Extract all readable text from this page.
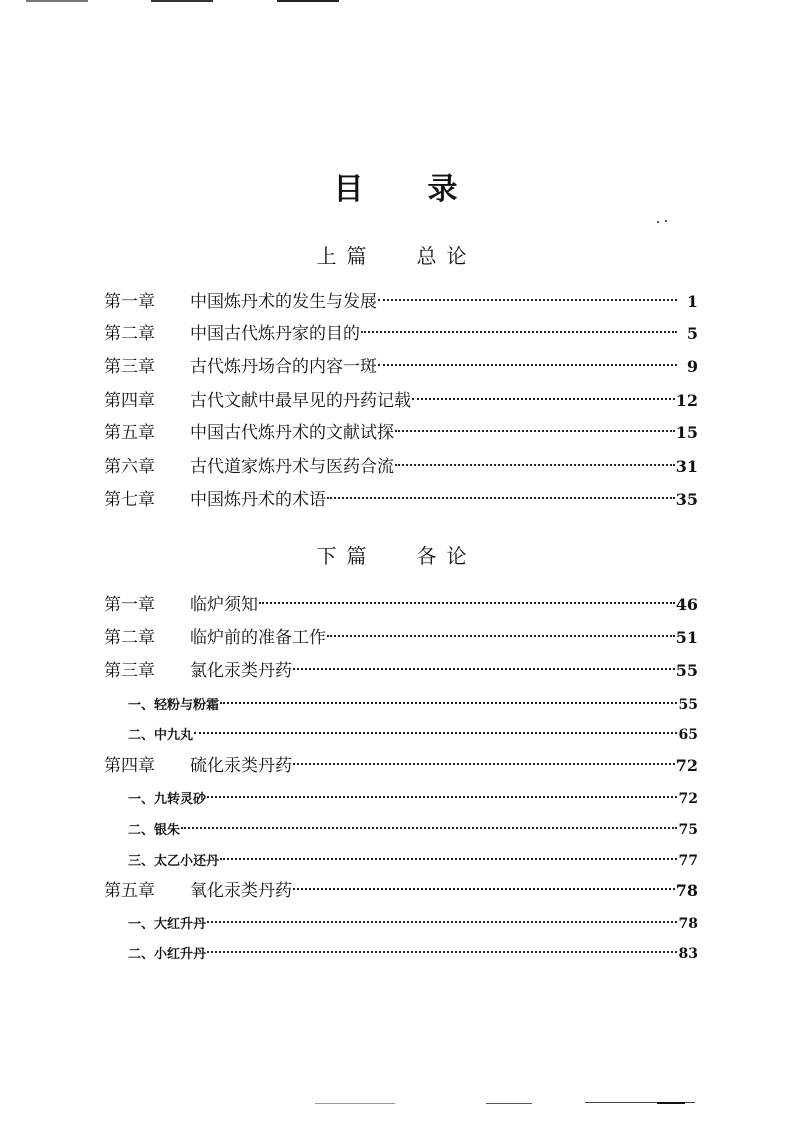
目 录
上篇 总论
第一章	中国炼丹术的发生与发展	1
第二章	中国古代炼丹家的目的	5
第三章	古代炼丹场合的内容一斑	9
第四章	古代文献中最早见的丹药记载	12
第五章	中国古代炼丹术的文献试探	15
第六章	古代道家炼丹术与医药合流	31
第七章	中国炼丹术的术语	35
下篇 各论
第一章	临炉须知	46
第二章	临炉前的准备工作	51
第三章	氯化汞类丹药	55
一、 轻粉与粉霜	55
二、 中九丸	65
第四章	硫化汞类丹药	72
一、 九转灵砂	72
二、 银朱	75
三、 太乙小还丹	77
第五章	氧化汞类丹药	78
一、 大红升丹	78
二、 小红升丹	83
